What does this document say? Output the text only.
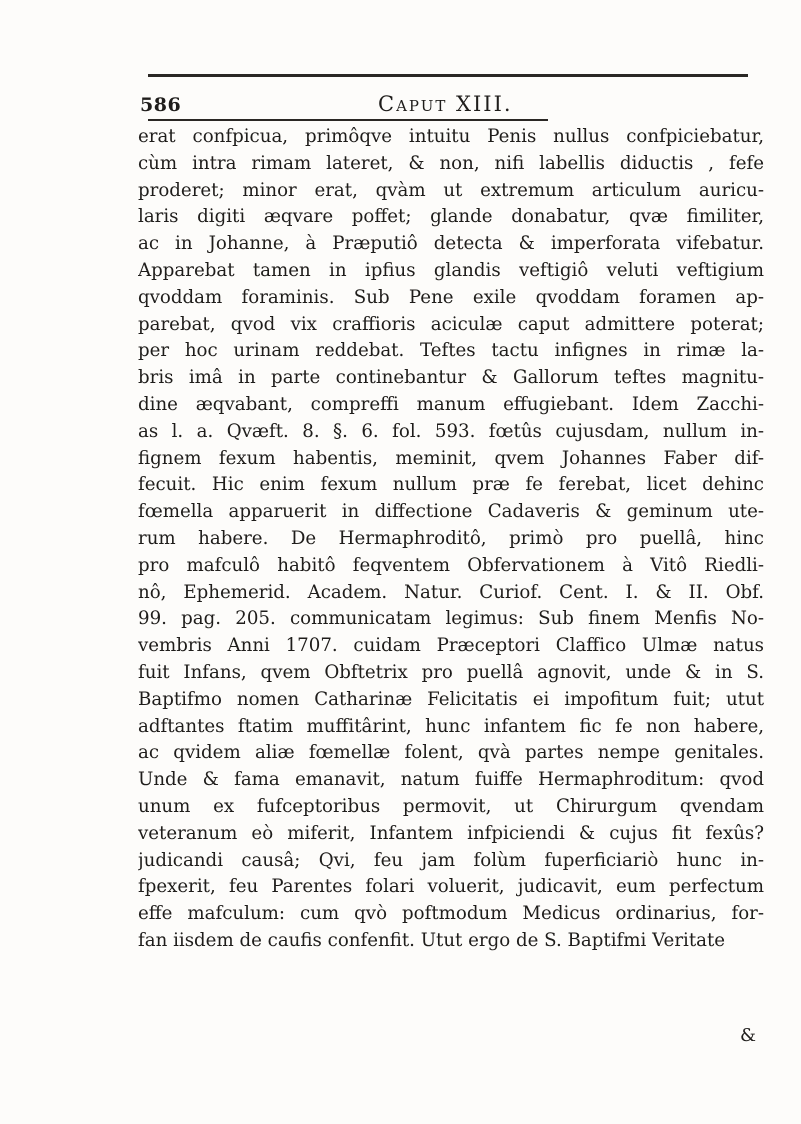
586	Caput XIII.
erat confpicua, primôqve intuitu Penis nullus confpiciebatur,
cùm intra rimam lateret, & non, nifi labellis diductis , fefe
proderet; minor erat, qvàm ut extremum articulum auricu-
laris digiti æqvare poffet; glande donabatur, qvæ fimiliter,
ac in Johanne, à Præputiô detecta & imperforata vifebatur.
Apparebat tamen in ipfius glandis veftigiô veluti veftigium
qvoddam foraminis. Sub Pene exile qvoddam foramen ap-
parebat, qvod vix craffioris aciculæ caput admittere poterat;
per hoc urinam reddebat. Teftes tactu infignes in rimæ la-
bris imâ in parte continebantur & Gallorum teftes magnitu-
dine æqvabant, compreffi manum effugiebant. Idem Zacchi-
as l. a. Qvæft. 8. §. 6. fol. 593. fœtûs cujusdam, nullum in-
fignem fexum habentis, meminit, qvem Johannes Faber dif-
fecuit. Hic enim fexum nullum præ fe ferebat, licet dehinc
fœmella apparuerit in diffectione Cadaveris & geminum ute-
rum habere. De Hermaphroditô, primò pro puellâ, hinc
pro mafculô habitô feqventem Obfervationem à Vitô Riedli-
nô, Ephemerid. Academ. Natur. Curiof. Cent. I. & II. Obf.
99. pag. 205. communicatam legimus: Sub finem Menfis No-
vembris Anni 1707. cuidam Præceptori Claffico Ulmæ natus
fuit Infans, qvem Obftetrix pro puellâ agnovit, unde & in S.
Baptifmo nomen Catharinæ Felicitatis ei impofitum fuit; utut
adftantes ftatim muffitârint, hunc infantem fic fe non habere,
ac qvidem aliæ fœmellæ folent, qvà partes nempe genitales.
Unde & fama emanavit, natum fuiffe Hermaphroditum: qvod
unum ex fufceptoribus permovit, ut Chirurgum qvendam
veteranum eò miferit, Infantem infpiciendi & cujus fit fexûs?
judicandi causâ; Qvi, feu jam folùm fuperficiariò hunc in-
fpexerit, feu Parentes folari voluerit, judicavit, eum perfectum
effe mafculum: cum qvò poftmodum Medicus ordinarius, for-
fan iisdem de caufis confenfit. Utut ergo de S. Baptifmi Veritate
&
